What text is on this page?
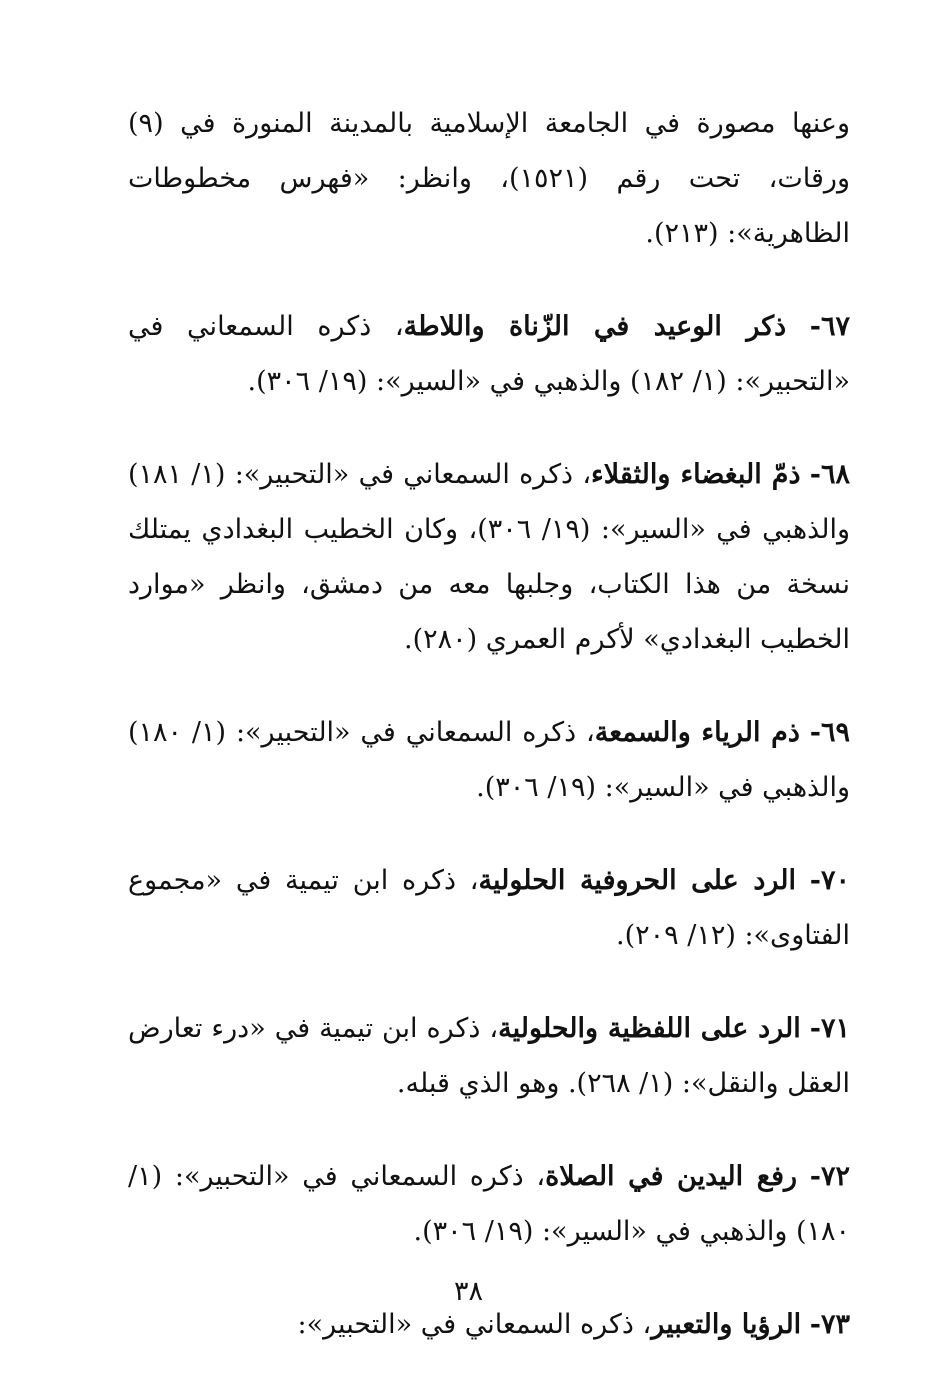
وعنها مصورة في الجامعة الإسلامية بالمدينة المنورة في (٩) ورقات، تحت رقم (١٥٢١)، وانظر: «فهرس مخطوطات الظاهرية»: (٢١٣).

٦٧- ذكر الوعيد في الزّناة واللاطة، ذكره السمعاني في «التحبير»: (١/ ١٨٢) والذهبي في «السير»: (١٩/ ٣٠٦).

٦٨- ذمّ البغضاء والثقلاء، ذكره السمعاني في «التحبير»: (١/ ١٨١) والذهبي في «السير»: (١٩/ ٣٠٦)، وكان الخطيب البغدادي يمتلك نسخة من هذا الكتاب، وجلبها معه من دمشق، وانظر «موارد الخطيب البغدادي» لأكرم العمري (٢٨٠).

٦٩- ذم الرياء والسمعة، ذكره السمعاني في «التحبير»: (١/ ١٨٠) والذهبي في «السير»: (١٩/ ٣٠٦).

٧٠- الرد على الحروفية الحلولية، ذكره ابن تيمية في «مجموع الفتاوى»: (١٢/ ٢٠٩).

٧١- الرد على اللفظية والحلولية، ذكره ابن تيمية في «درء تعارض العقل والنقل»: (١/ ٢٦٨). وهو الذي قبله.

٧٢- رفع اليدين في الصلاة، ذكره السمعاني في «التحبير»: (١/ ١٨٠) والذهبي في «السير»: (١٩/ ٣٠٦).

٧٣- الرؤيا والتعبير، ذكره السمعاني في «التحبير»:

٣٨
